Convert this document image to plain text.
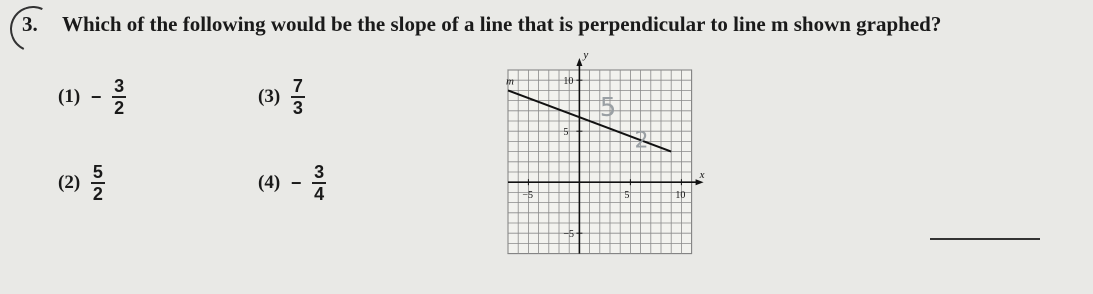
3. Which of the following would be the slope of a line that is perpendicular to line m shown graphed?
$(1) - \frac{3}{2}$	$(3) \frac{7}{3}$
$(2) \frac{5}{2}$	$(4) - \frac{3}{4}$
y
x
−5	5	10
10
5
−5
m
5
2
